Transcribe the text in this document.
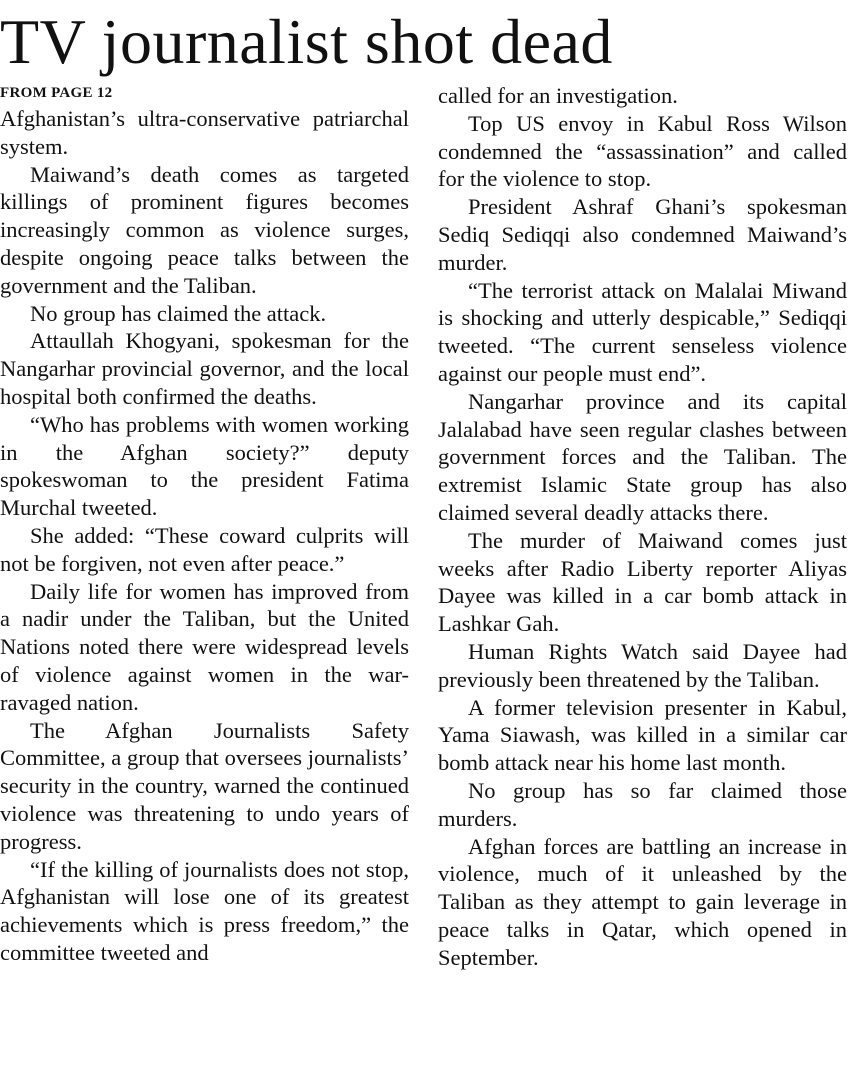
TV journalist shot dead
FROM PAGE 12

Afghanistan’s ultra-conservative patriarchal system.

Maiwand’s death comes as targeted killings of prominent figures becomes increasingly common as violence surges, despite ongoing peace talks between the government and the Taliban.

No group has claimed the attack.

Attaullah Khogyani, spokesman for the Nangarhar provincial governor, and the local hospital both confirmed the deaths.

“Who has problems with women working in the Afghan society?” deputy spokeswoman to the president Fatima Murchal tweeted.

She added: “These coward culprits will not be forgiven, not even after peace.”

Daily life for women has improved from a nadir under the Taliban, but the United Nations noted there were widespread levels of violence against women in the war-ravaged nation.

The Afghan Journalists Safety Committee, a group that oversees journalists’ security in the country, warned the continued violence was threatening to undo years of progress.

“If the killing of journalists does not stop, Afghanistan will lose one of its greatest achievements which is press freedom,” the committee tweeted and

called for an investigation.

Top US envoy in Kabul Ross Wilson condemned the “assassination” and called for the violence to stop.

President Ashraf Ghani’s spokesman Sediq Sediqqi also condemned Maiwand’s murder.

“The terrorist attack on Malalai Miwand is shocking and utterly despicable,” Sediqqi tweeted. “The current senseless violence against our people must end”.

Nangarhar province and its capital Jalalabad have seen regular clashes between government forces and the Taliban. The extremist Islamic State group has also claimed several deadly attacks there.

The murder of Maiwand comes just weeks after Radio Liberty reporter Aliyas Dayee was killed in a car bomb attack in Lashkar Gah.

Human Rights Watch said Dayee had previously been threatened by the Taliban.

A former television presenter in Kabul, Yama Siawash, was killed in a similar car bomb attack near his home last month.

No group has so far claimed those murders.

Afghan forces are battling an increase in violence, much of it unleashed by the Taliban as they attempt to gain leverage in peace talks in Qatar, which opened in September.
